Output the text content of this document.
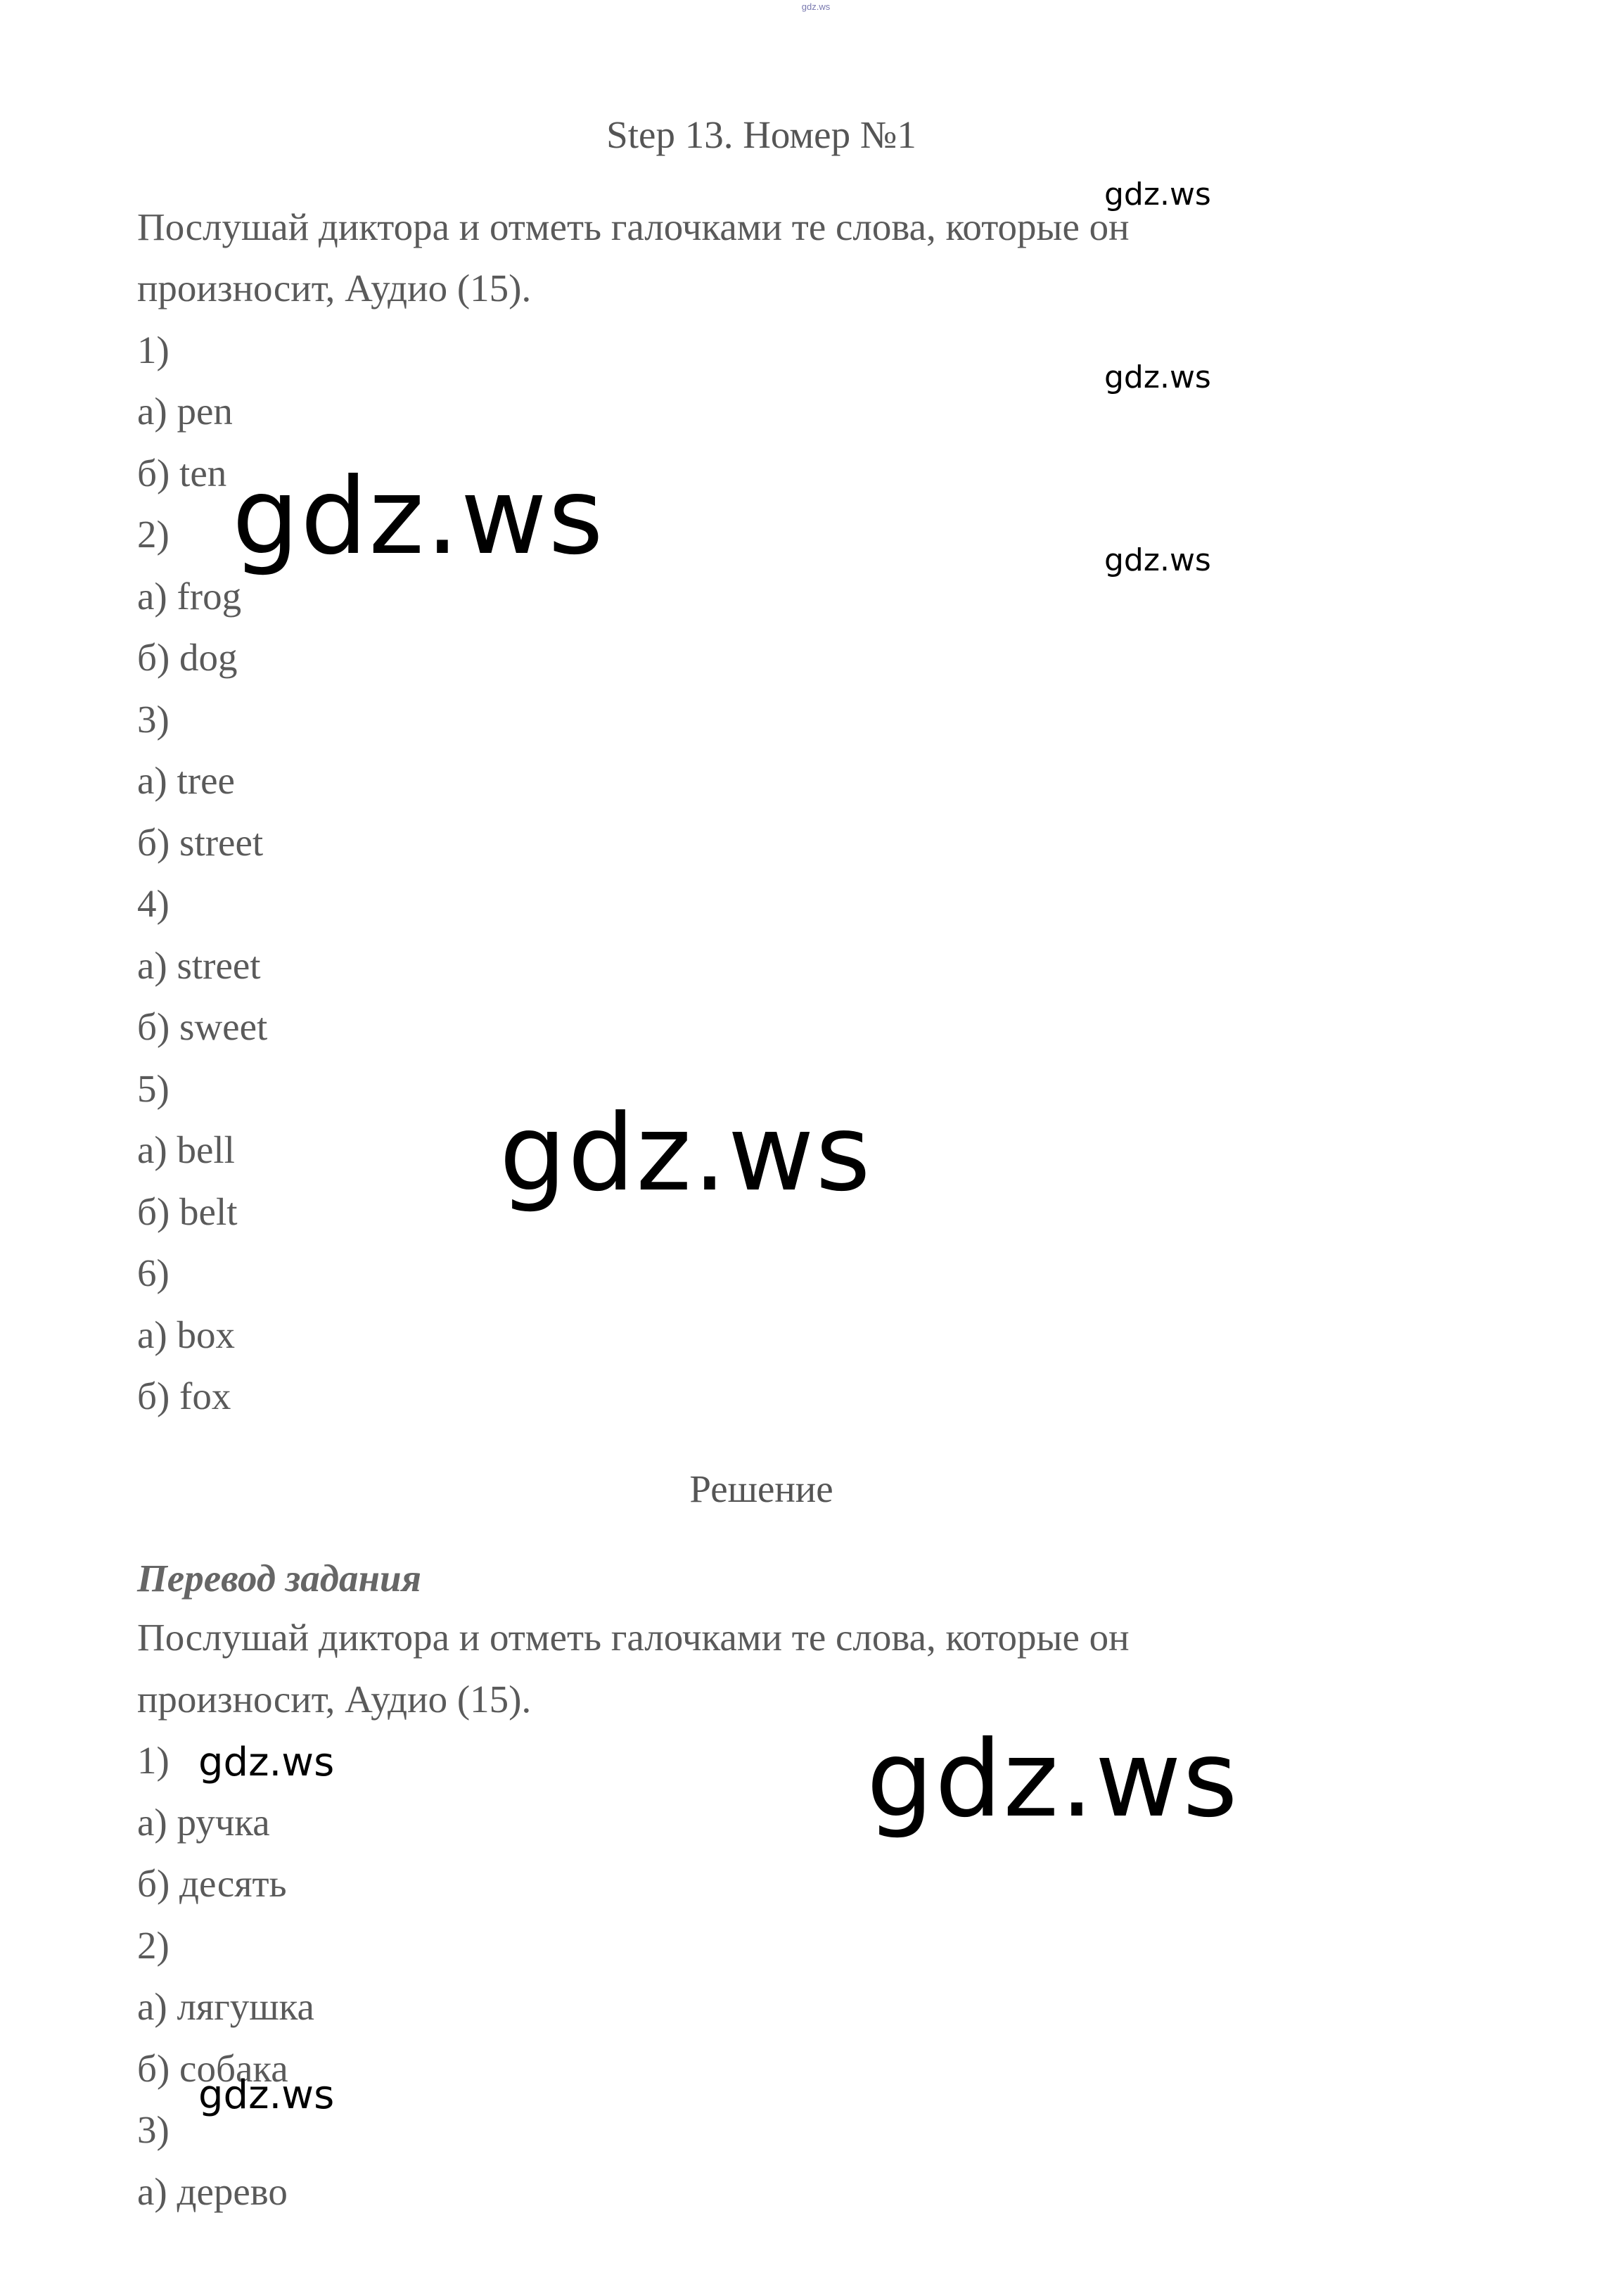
gdz.ws
Step 13. Номер №1
Послушай диктора и отметь галочками те слова, которые он
произносит, Аудио (15).
1)
а) pen
б) ten
2)
а) frog
б) dog
3)
а) tree
б) street
4)
а) street
б) sweet
5)
а) bell
б) belt
6)
а) box
б) fox
Решение
Перевод задания
Послушай диктора и отметь галочками те слова, которые он
произносит, Аудио (15).
1)
а) ручка
б) десять
2)
а) лягушка
б) собака
3)
а) дерево
gdz.ws
gdz.ws
gdz.ws
gdz.ws
gdz.ws
gdz.ws	gdz.ws
gdz.ws
